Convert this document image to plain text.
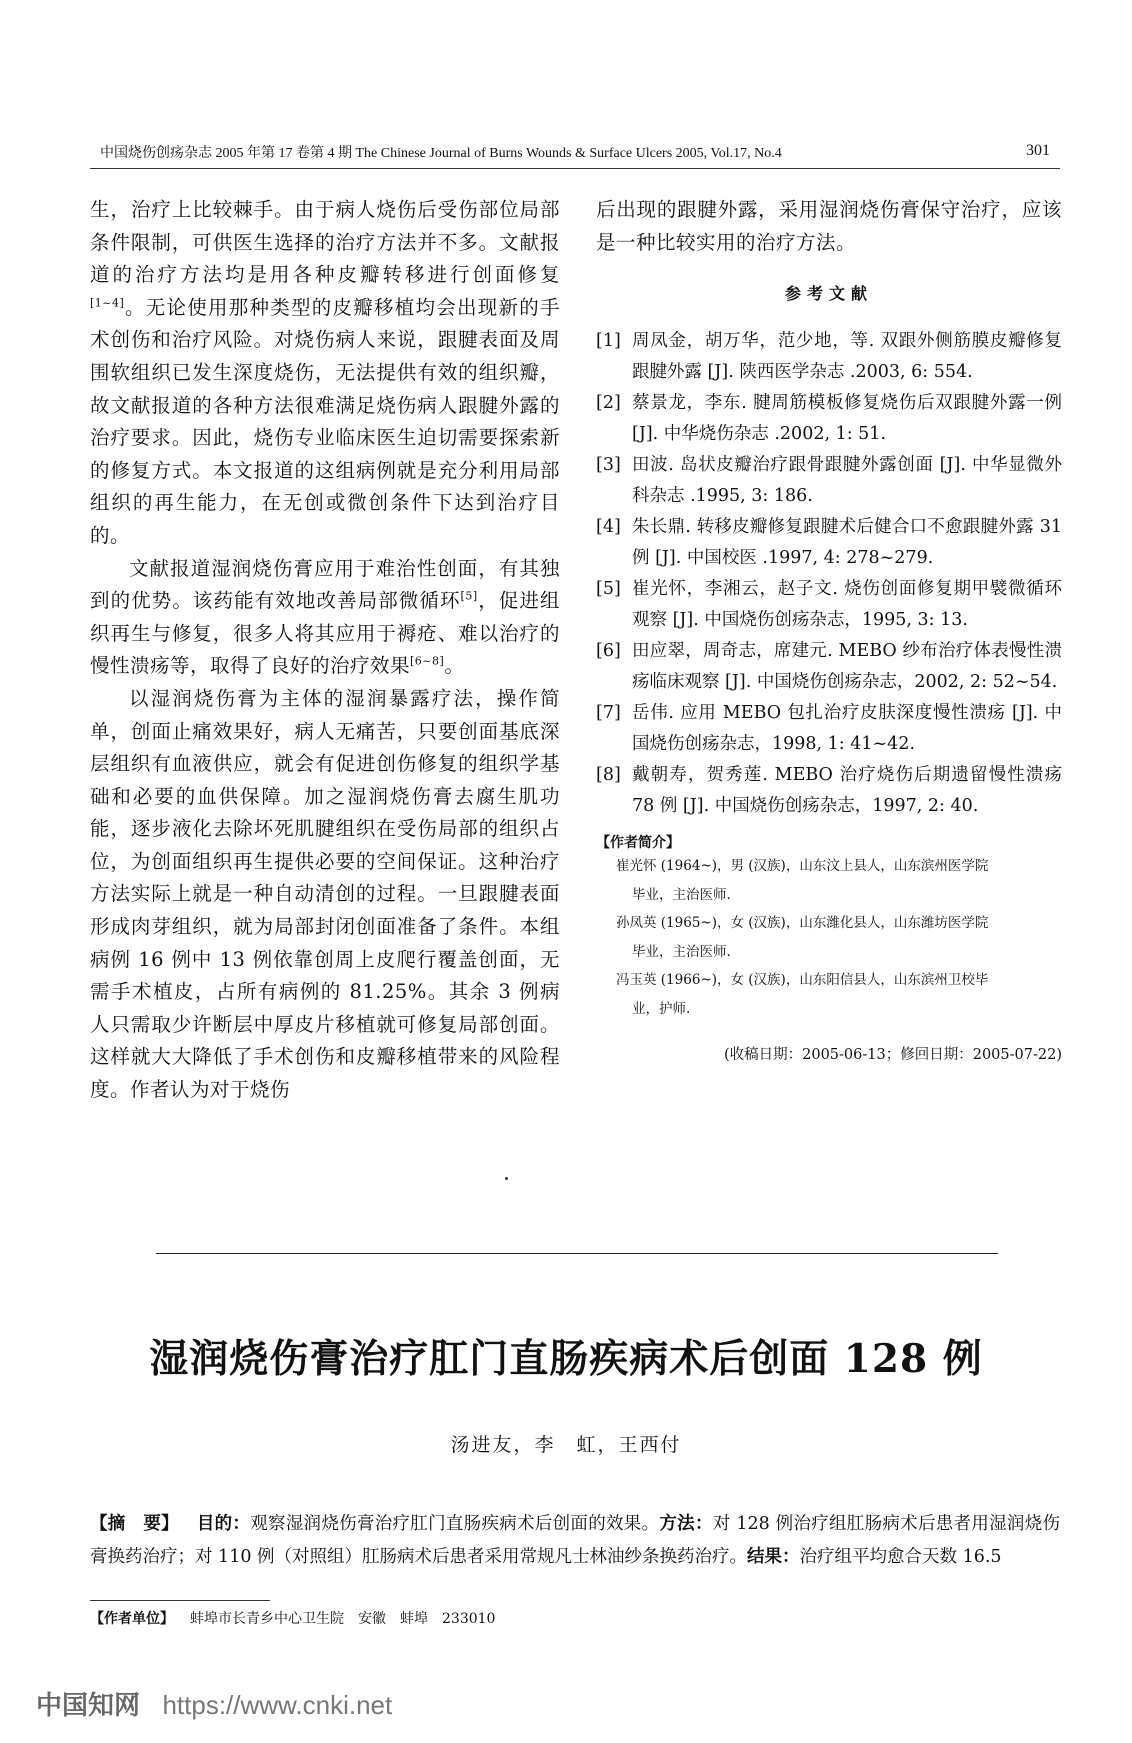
中国烧伤创疡杂志 2005 年第 17 卷第 4 期 The Chinese Journal of Burns Wounds & Surface Ulcers 2005, Vol.17, No.4	301

生，治疗上比较棘手。由于病人烧伤后受伤部位局部条件限制，可供医生选择的治疗方法并不多。文献报道的治疗方法均是用各种皮瓣转移进行创面修复[1~4]。无论使用那种类型的皮瓣移植均会出现新的手术创伤和治疗风险。对烧伤病人来说，跟腱表面及周围软组织已发生深度烧伤，无法提供有效的组织瓣，故文献报道的各种方法很难满足烧伤病人跟腱外露的治疗要求。因此，烧伤专业临床医生迫切需要探索新的修复方式。本文报道的这组病例就是充分利用局部组织的再生能力，在无创或微创条件下达到治疗目的。

文献报道湿润烧伤膏应用于难治性创面，有其独到的优势。该药能有效地改善局部微循环[5]，促进组织再生与修复，很多人将其应用于褥疮、难以治疗的慢性溃疡等，取得了良好的治疗效果[6~8]。

以湿润烧伤膏为主体的湿润暴露疗法，操作简单，创面止痛效果好，病人无痛苦，只要创面基底深层组织有血液供应，就会有促进创伤修复的组织学基础和必要的血供保障。加之湿润烧伤膏去腐生肌功能，逐步液化去除坏死肌腱组织在受伤局部的组织占位，为创面组织再生提供必要的空间保证。这种治疗方法实际上就是一种自动清创的过程。一旦跟腱表面形成肉芽组织，就为局部封闭创面准备了条件。本组病例 16 例中 13 例依靠创周上皮爬行覆盖创面，无需手术植皮，占所有病例的 81.25%。其余 3 例病人只需取少许断层中厚皮片移植就可修复局部创面。这样就大大降低了手术创伤和皮瓣移植带来的风险程度。作者认为对于烧伤

后出现的跟腱外露，采用湿润烧伤膏保守治疗，应该是一种比较实用的治疗方法。

参考文献
[1] 周凤金，胡万华，范少地，等. 双跟外侧筋膜皮瓣修复跟腱外露 [J]. 陕西医学杂志 .2003, 6: 554.
[2] 蔡景龙，李东. 腱周筋模板修复烧伤后双跟腱外露一例 [J]. 中华烧伤杂志 .2002, 1: 51.
[3] 田波. 岛状皮瓣治疗跟骨跟腱外露创面 [J]. 中华显微外科杂志 .1995, 3: 186.
[4] 朱长鼎. 转移皮瓣修复跟腱术后健合口不愈跟腱外露 31 例 [J]. 中国校医 .1997, 4: 278~279.
[5] 崔光怀，李湘云，赵子文. 烧伤创面修复期甲襞微循环观察 [J]. 中国烧伤创疡杂志，1995, 3: 13.
[6] 田应翠，周奇志，席建元. MEBO 纱布治疗体表慢性溃疡临床观察 [J]. 中国烧伤创疡杂志，2002, 2: 52~54.
[7] 岳伟. 应用 MEBO 包扎治疗皮肤深度慢性溃疡 [J]. 中国烧伤创疡杂志，1998, 1: 41~42.
[8] 戴朝寿，贺秀莲. MEBO 治疗烧伤后期遗留慢性溃疡 78 例 [J]. 中国烧伤创疡杂志，1997, 2: 40.
【作者简介】
崔光怀 (1964~)，男 (汉族)，山东汶上县人，山东滨州医学院
毕业，主治医师.
孙凤英 (1965~)，女 (汉族)，山东潍化县人，山东潍坊医学院
毕业，主治医师.
冯玉英 (1966~)，女 (汉族)，山东阳信县人，山东滨州卫校毕
业，护师.
(收稿日期：2005-06-13；修回日期：2005-07-22)
湿润烧伤膏治疗肛门直肠疾病术后创面 128 例
汤进友，李　虹，王西付
【摘　要】 目的：观察湿润烧伤膏治疗肛门直肠疾病术后创面的效果。方法：对 128 例治疗组肛肠病术后患者用湿润烧伤膏换药治疗；对 110 例（对照组）肛肠病术后患者采用常规凡士林油纱条换药治疗。结果：治疗组平均愈合天数 16.5
【作者单位】 蚌埠市长青乡中心卫生院　安徽　蚌埠　233010
中国知网 https://www.cnki.net
